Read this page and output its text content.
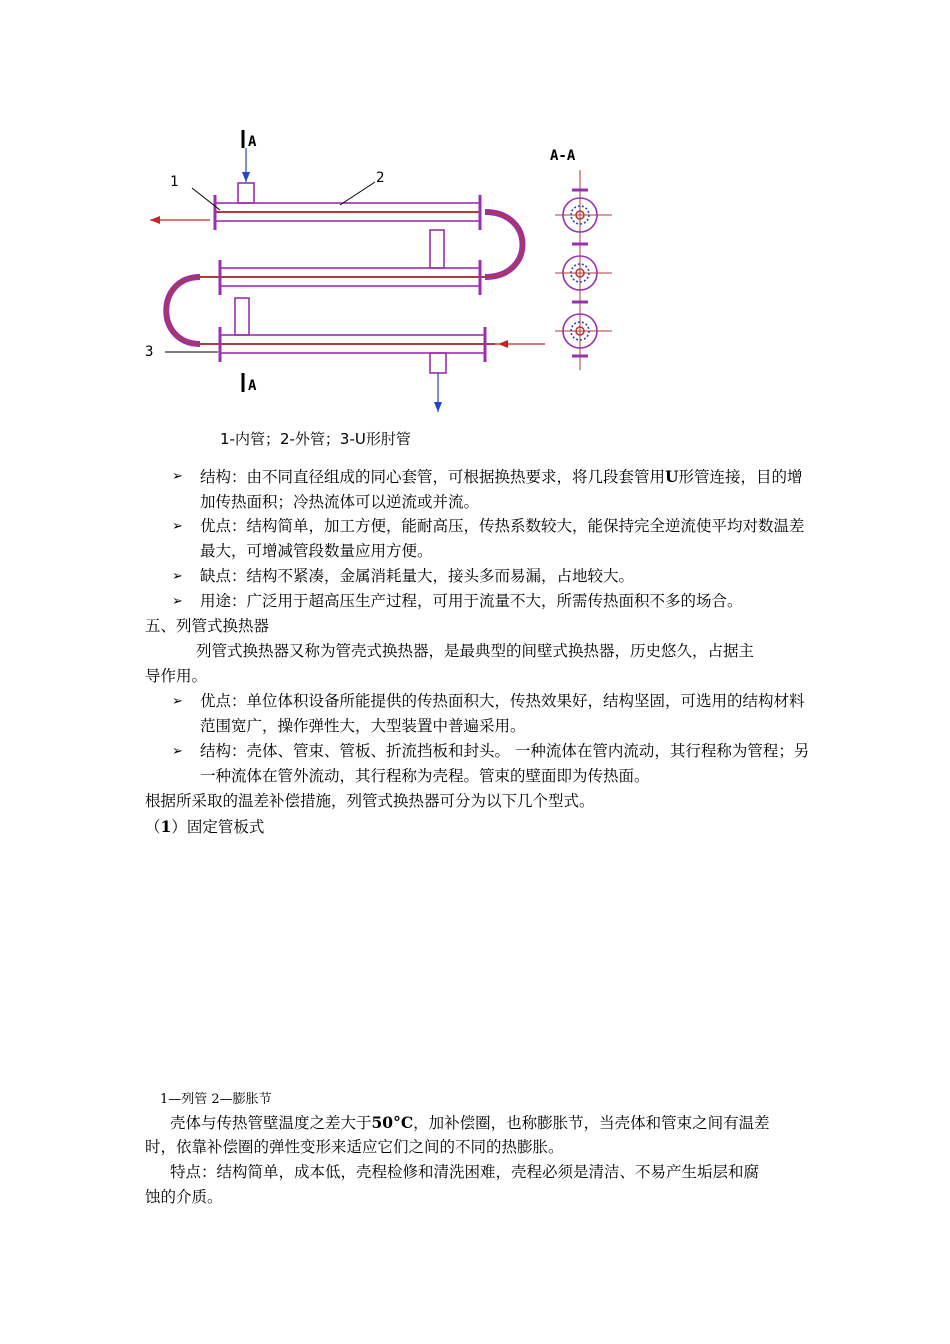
1	2
3
A
A
A-A
1-内管；2-外管；3-U形肘管
➢ 结构：由不同直径组成的同心套管，可根据换热要求，将几段套管用U形管连接，目的增加传热面积；冷热流体可以逆流或并流。
➢ 优点：结构简单，加工方便，能耐高压，传热系数较大，能保持完全逆流使平均对数温差最大，可增减管段数量应用方便。
➢ 缺点：结构不紧凑，金属消耗量大，接头多而易漏，占地较大。
➢ 用途：广泛用于超高压生产过程，可用于流量不大，所需传热面积不多的场合。
五、列管式换热器
列管式换热器又称为管壳式换热器，是最典型的间壁式换热器，历史悠久，占据主
导作用。
➢ 优点：单位体积设备所能提供的传热面积大，传热效果好，结构坚固，可选用的结构材料范围宽广，操作弹性大，大型装置中普遍采用。
➢ 结构：壳体、管束、管板、折流挡板和封头。 一种流体在管内流动，其行程称为管程；另一种流体在管外流动，其行程称为壳程。管束的壁面即为传热面。
根据所采取的温差补偿措施，列管式换热器可分为以下几个型式。
（1）固定管板式
1—列管 2—膨胀节
壳体与传热管壁温度之差大于50°C，加补偿圈，也称膨胀节，当壳体和管束之间有温差
时，依靠补偿圈的弹性变形来适应它们之间的不同的热膨胀。
特点：结构简单，成本低，壳程检修和清洗困难，壳程必须是清洁、不易产生垢层和腐
蚀的介质。
